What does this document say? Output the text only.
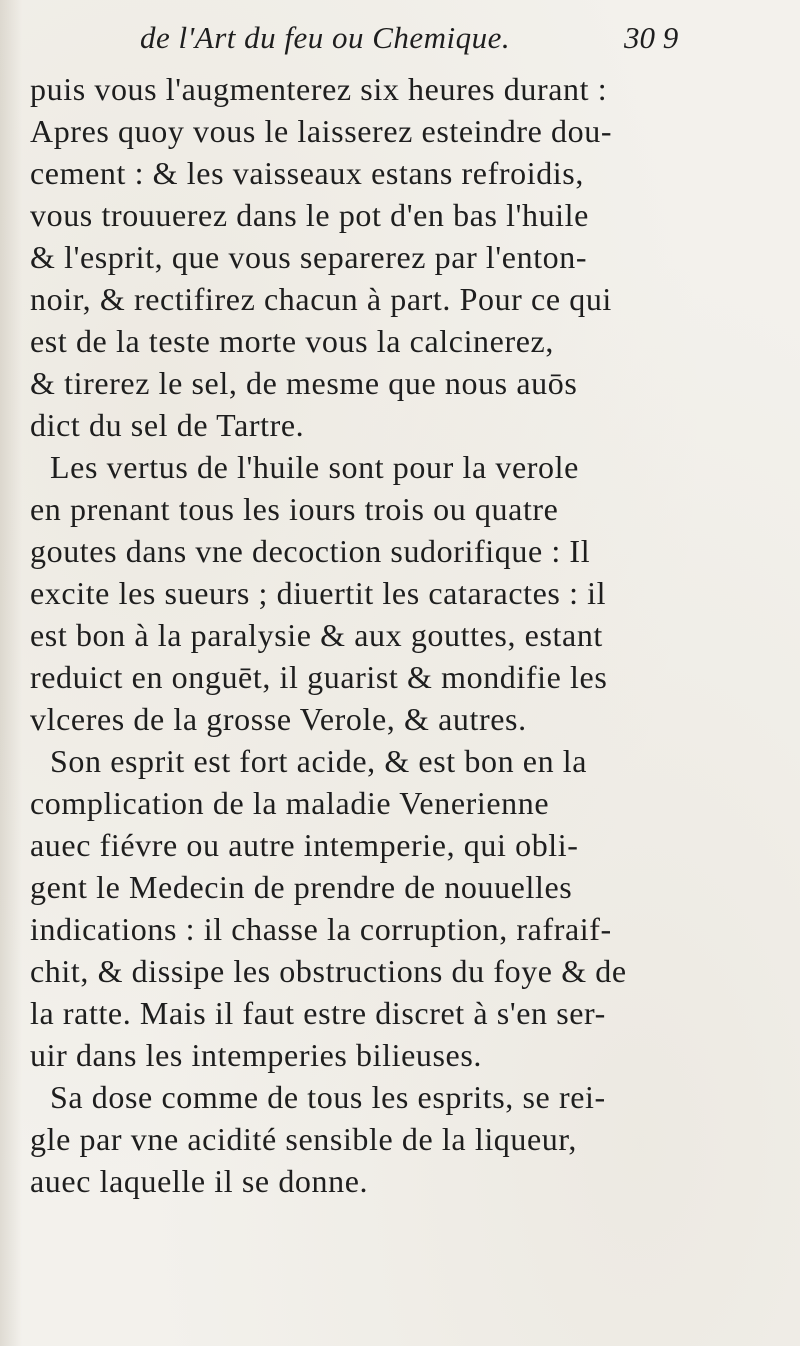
de l'Art du feu ou Chemique.	30 9
puis vous l'augmenterez six heures durant :
Apres quoy vous le laisserez esteindre dou-
cement : & les vaisseaux estans refroidis,
vous trouuerez dans le pot d'en bas l'huile
& l'esprit, que vous separerez par l'enton-
noir, & rectifirez chacun à part. Pour ce qui
est de la teste morte vous la calcinerez,
& tirerez le sel, de mesme que nous auōs
dict du sel de Tartre.
Les vertus de l'huile sont pour la verole
en prenant tous les iours trois ou quatre
goutes dans vne decoction sudorifique : Il
excite les sueurs ; diuertit les cataractes : il
est bon à la paralysie & aux gouttes, estant
reduict en onguēt, il guarist & mondifie les
vlceres de la grosse Verole, & autres.
Son esprit est fort acide, & est bon en la
complication de la maladie Venerienne
auec fiévre ou autre intemperie, qui obli-
gent le Medecin de prendre de nouuelles
indications : il chasse la corruption, rafraif-
chit, & dissipe les obstructions du foye & de
la ratte. Mais il faut estre discret à s'en ser-
uir dans les intemperies bilieuses.
Sa dose comme de tous les esprits, se rei-
gle par vne acidité sensible de la liqueur,
auec laquelle il se donne.
